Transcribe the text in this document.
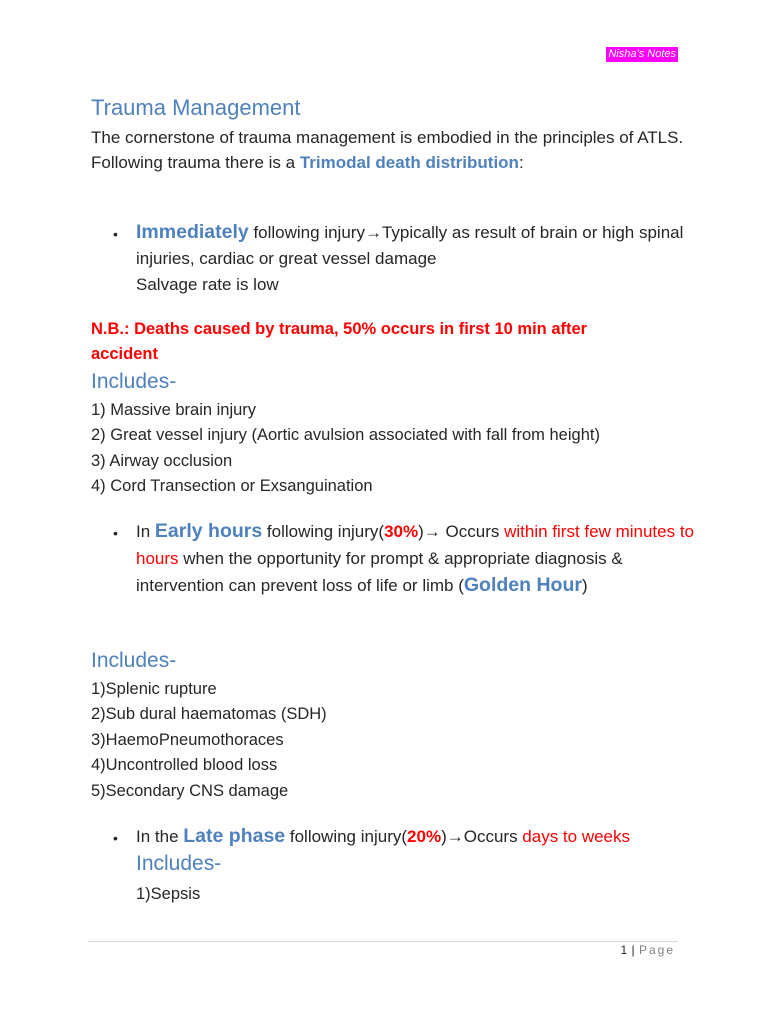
Nisha’s Notes
Trauma Management
The cornerstone of trauma management is embodied in the principles of ATLS.
Following trauma there is a Trimodal death distribution:
• Immediately following injury→Typically as result of brain or high spinal injuries, cardiac or great vessel damage
Salvage rate is low
N.B.: Deaths caused by trauma, 50% occurs in first 10 min after accident
Includes-
1) Massive brain injury
2) Great vessel injury (Aortic avulsion associated with fall from height)
3) Airway occlusion
4) Cord Transection or Exsanguination
• In Early hours following injury(30%)→ Occurs within first few minutes to hours when the opportunity for prompt & appropriate diagnosis & intervention can prevent loss of life or limb (Golden Hour)
Includes-
1)Splenic rupture
2)Sub dural haematomas (SDH)
3)HaemoPneumothoraces
4)Uncontrolled blood loss
5)Secondary CNS damage
• In the Late phase following injury(20%)→Occurs days to weeks
Includes-
1)Sepsis
1 | Page
